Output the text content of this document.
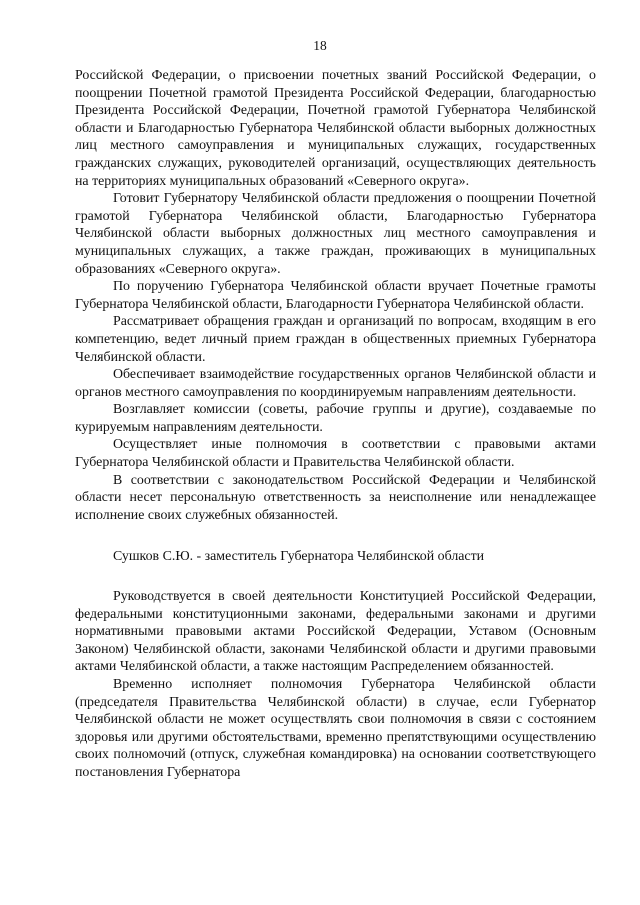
18

Российской Федерации, о присвоении почетных званий Российской Федерации, о поощрении Почетной грамотой Президента Российской Федерации, благодарностью Президента Российской Федерации, Почетной грамотой Губернатора Челябинской области и Благодарностью Губернатора Челябинской области выборных должностных лиц местного самоуправления и муниципальных служащих, государственных гражданских служащих, руководителей организаций, осуществляющих деятельность на территориях муниципальных образований «Северного округа».

Готовит Губернатору Челябинской области предложения о поощрении Почетной грамотой Губернатора Челябинской области, Благодарностью Губернатора Челябинской области выборных должностных лиц местного самоуправления и муниципальных служащих, а также граждан, проживающих в муниципальных образованиях «Северного округа».

По поручению Губернатора Челябинской области вручает Почетные грамоты Губернатора Челябинской области, Благодарности Губернатора Челябинской области.

Рассматривает обращения граждан и организаций по вопросам, входящим в его компетенцию, ведет личный прием граждан в общественных приемных Губернатора Челябинской области.

Обеспечивает взаимодействие государственных органов Челябинской области и органов местного самоуправления по координируемым направлениям деятельности.

Возглавляет комиссии (советы, рабочие группы и другие), создаваемые по курируемым направлениям деятельности.

Осуществляет иные полномочия в соответствии с правовыми актами Губернатора Челябинской области и Правительства Челябинской области.

В соответствии с законодательством Российской Федерации и Челябинской области несет персональную ответственность за неисполнение или ненадлежащее исполнение своих служебных обязанностей.

Сушков С.Ю. - заместитель Губернатора Челябинской области

Руководствуется в своей деятельности Конституцией Российской Федерации, федеральными конституционными законами, федеральными законами и другими нормативными правовыми актами Российской Федерации, Уставом (Основным Законом) Челябинской области, законами Челябинской области и другими правовыми актами Челябинской области, а также настоящим Распределением обязанностей.

Временно исполняет полномочия Губернатора Челябинской области (председателя Правительства Челябинской области) в случае, если Губернатор Челябинской области не может осуществлять свои полномочия в связи с состоянием здоровья или другими обстоятельствами, временно препятствующими осуществлению своих полномочий (отпуск, служебная командировка) на основании соответствующего постановления Губернатора
